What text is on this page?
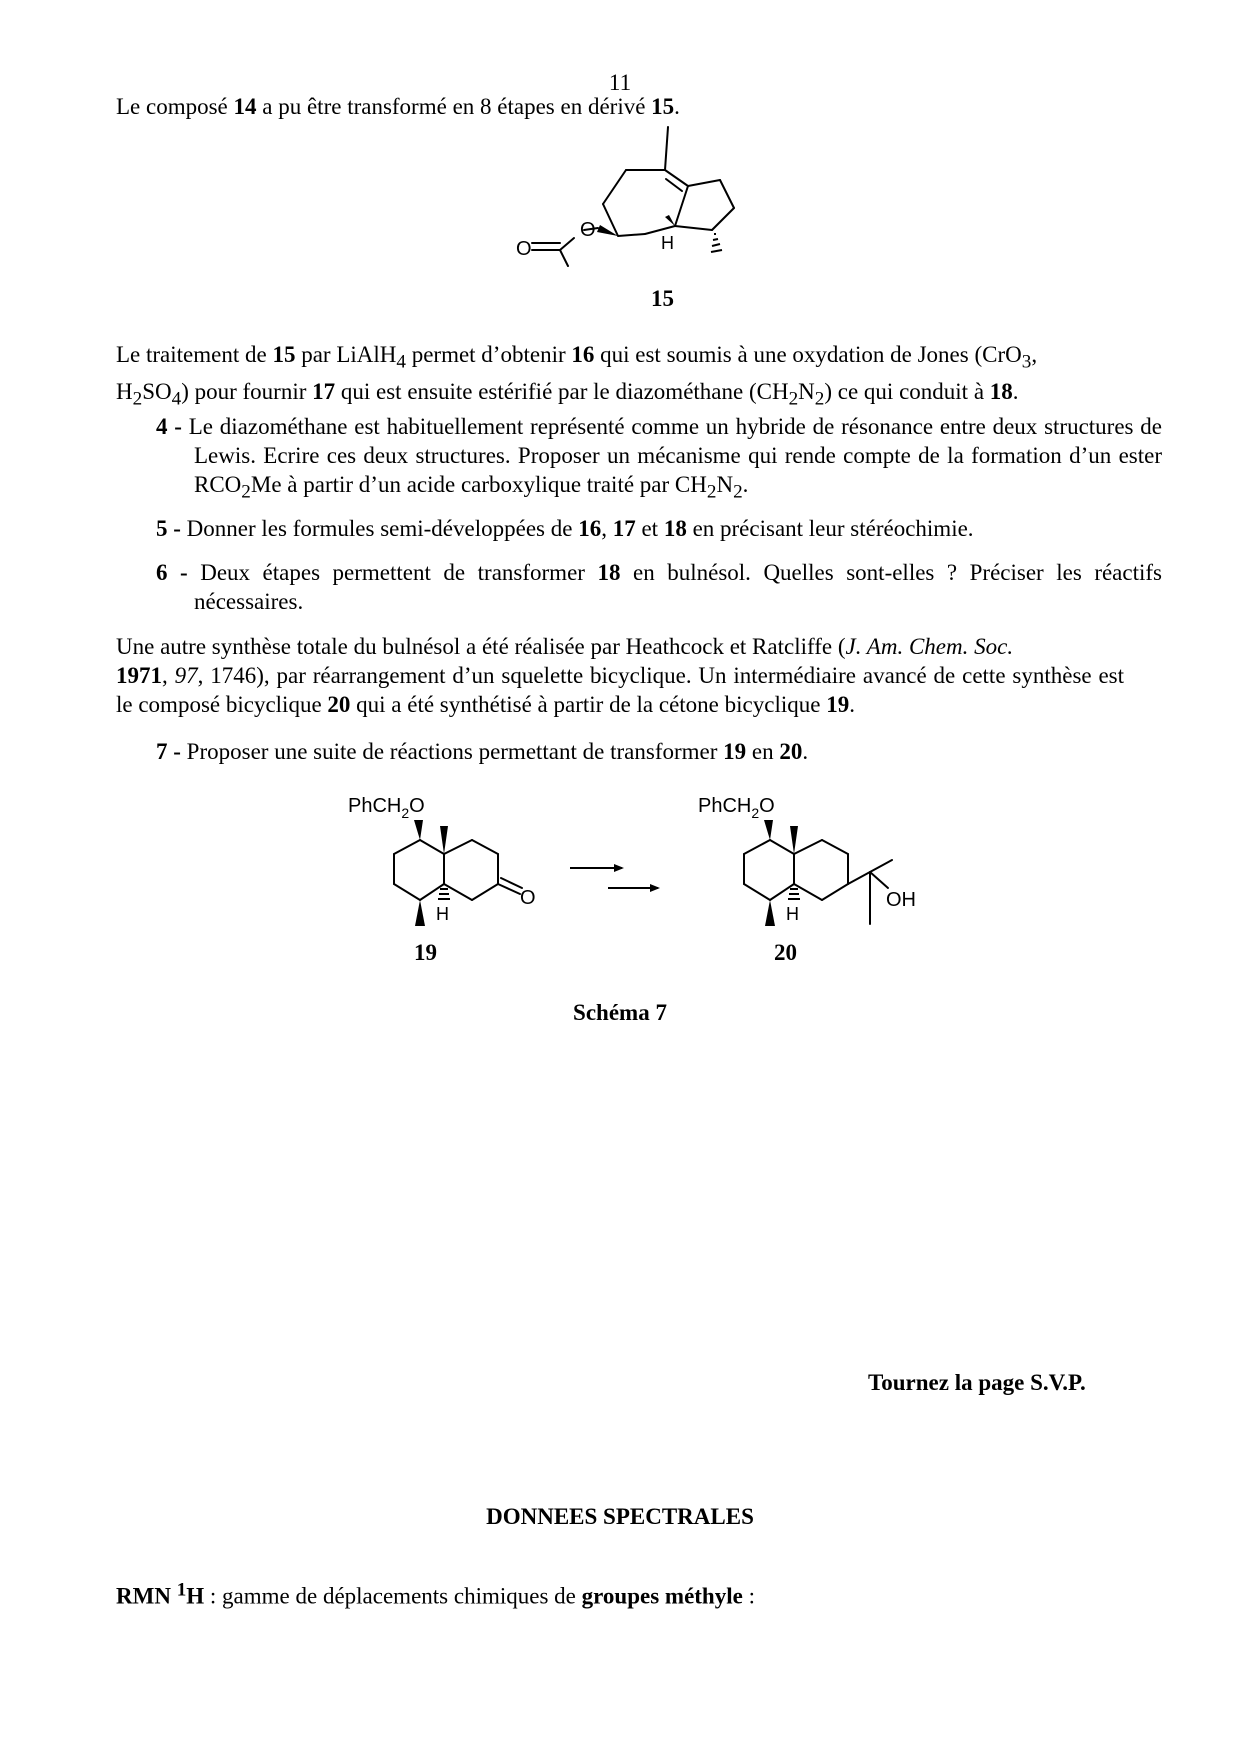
11
Le composé 14 a pu être transformé en 8 étapes en dérivé 15.
O
O	H
15
Le traitement de 15 par LiAlH$_4$ permet d’obtenir 16 qui est soumis à une oxydation de Jones (CrO$_3$,
$H_2SO_4$) pour fournir 17 qui est ensuite estérifié par le diazométhane $(CH_2N_2)$ ce qui conduit à 18.
4 - Le diazométhane est habituellement représenté comme un hybride de résonance entre deux structures de Lewis. Ecrire ces deux structures. Proposer un mécanisme qui rende compte de la formation d’un ester $RCO_2Me$ à partir d’un acide carboxylique traité par $CH_2N_2$.
5 - Donner les formules semi-développées de 16, 17 et 18 en précisant leur stéréochimie.
6 - Deux étapes permettent de transformer 18 en bulnésol. Quelles sont-elles ? Préciser les réactifs nécessaires.
Une autre synthèse totale du bulnésol a été réalisée par Heathcock et Ratcliffe (J. Am. Chem. Soc.
1971, 97, 1746), par réarrangement d’un squelette bicyclique. Un intermédiaire avancé de cette synthèse est le composé bicyclique 20 qui a été synthétisé à partir de la cétone bicyclique 19.
7 - Proposer une suite de réactions permettant de transformer 19 en 20.
PhCH$_2$O
O
H
19
PhCH$_2$O
OH
H
20
Schéma 7
Tournez la page S.V.P.
DONNEES SPECTRALES
RMN $^1$H : gamme de déplacements chimiques de groupes méthyle :
